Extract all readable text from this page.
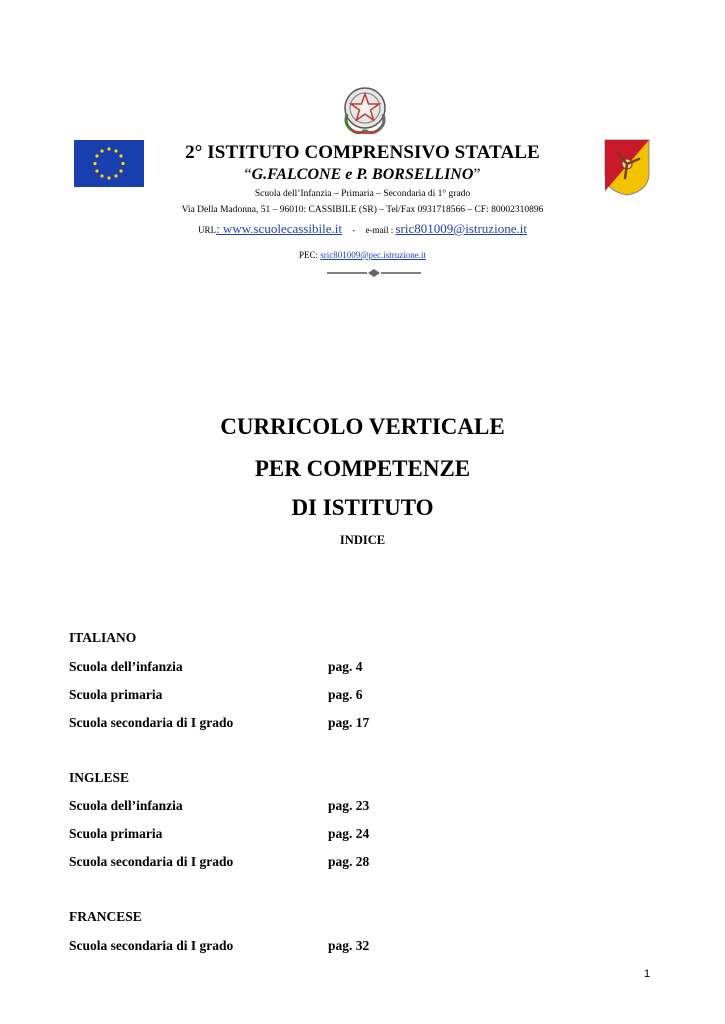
2° ISTITUTO COMPRENSIVO STATALE
“G.FALCONE e P. BORSELLINO”
Scuola dell’Infanzia – Primaria – Secondaria di 1° grado
Via Della Madonna, 51 – 96010: CASSIBILE (SR) – Tel/Fax 0931718566 – CF: 80002310896
URL: www.scuolecassibile.it - e-mail : sric801009@istruzione.it
PEC: sric801009@pec.istruzione.it
CURRICOLO VERTICALE
PER COMPETENZE
DI ISTITUTO
INDICE
ITALIANO
Scuola dell’infanzia	pag. 4
Scuola primaria	pag. 6
Scuola secondaria di I grado	pag. 17
INGLESE
Scuola dell’infanzia	pag. 23
Scuola primaria	pag. 24
Scuola secondaria di I grado	pag. 28
FRANCESE
Scuola secondaria di I grado	pag. 32
1
